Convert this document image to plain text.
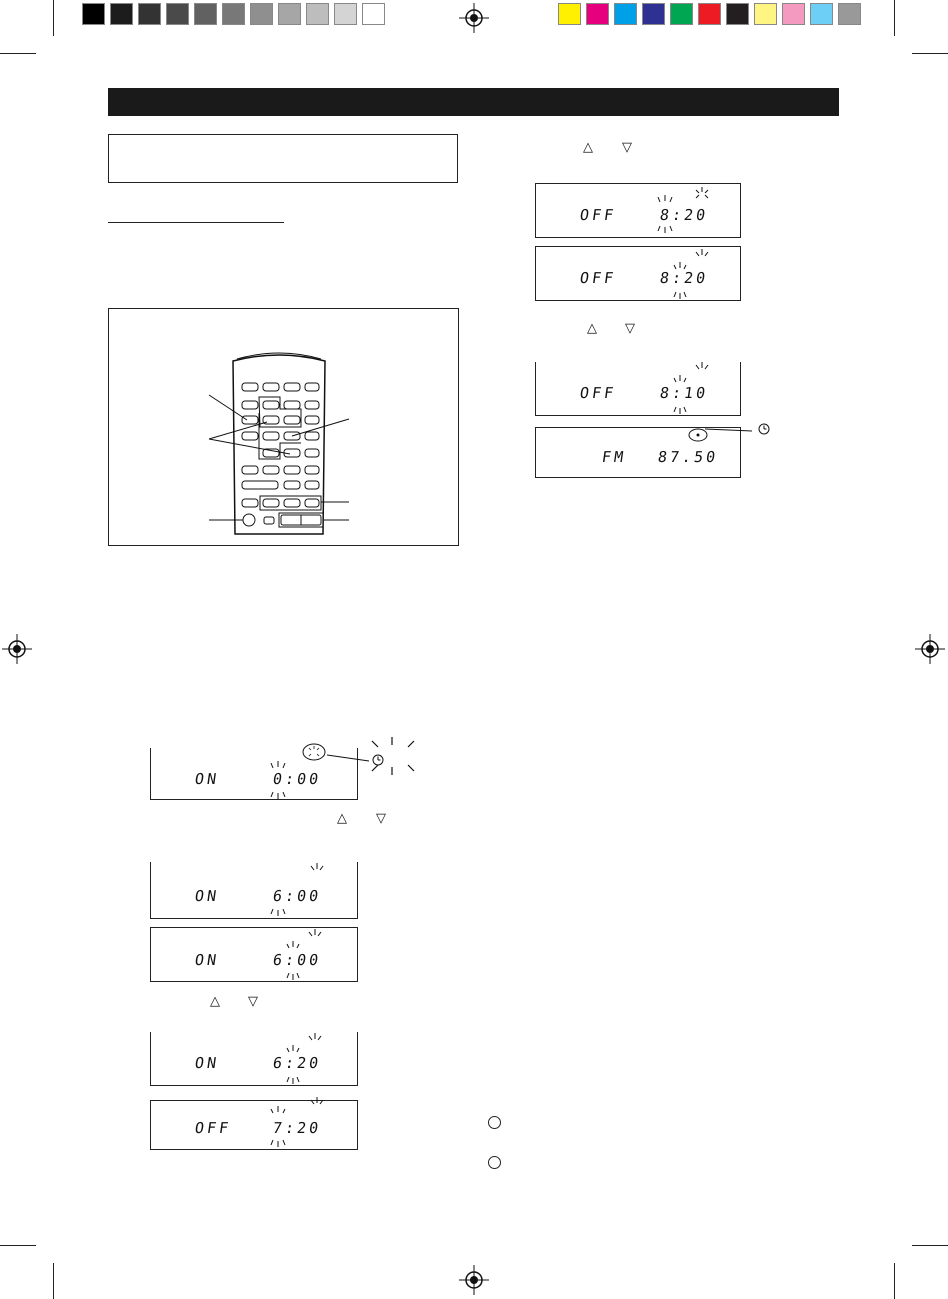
△ ▽
△ ▽
OFF	8:20
OFF	8:20
OFF	8:10
FM 87.50
ON	0:00
△ ▽
ON	6:00
ON	6:00
△ ▽
ON	6:20
OFF	7:20
